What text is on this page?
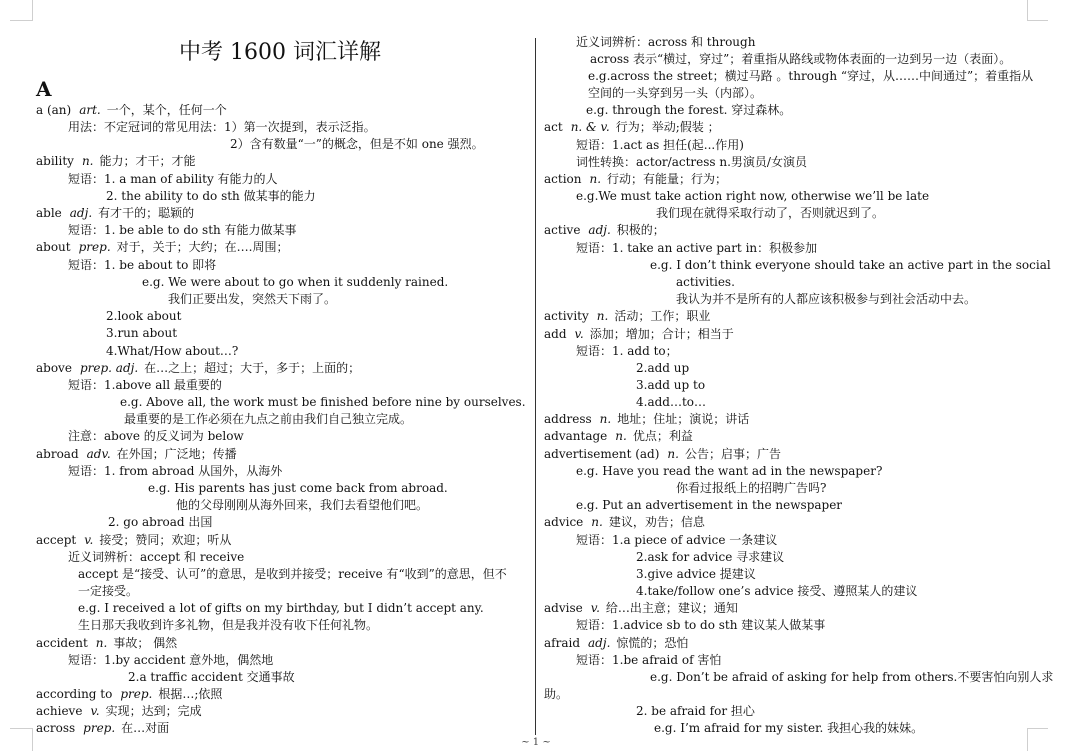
中考 1600 词汇详解
A
a (an) art. 一个，某个，任何一个
用法：不定冠词的常见用法：1）第一次提到，表示泛指。
2）含有数量“一”的概念，但是不如 one 强烈。
ability n. 能力；才干；才能
短语：1. a man of ability 有能力的人
2. the ability to do sth 做某事的能力
able adj. 有才干的；聪颖的
短语：1. be able to do sth 有能力做某事
about prep. 对于，关于；大约；在….周围；
短语：1. be about to 即将
e.g. We were about to go when it suddenly rained.
我们正要出发，突然天下雨了。
2.look about
3.run about
4.What/How about…?
above prep. adj. 在…之上；超过；大于，多于；上面的；
短语：1.above all 最重要的
e.g. Above all, the work must be finished before nine by ourselves.
最重要的是工作必须在九点之前由我们自己独立完成。
注意：above 的反义词为 below
abroad adv. 在外国；广泛地；传播
短语：1. from abroad 从国外，从海外
e.g. His parents has just come back from abroad.
他的父母刚刚从海外回来，我们去看望他们吧。
2. go abroad 出国
accept v. 接受；赞同；欢迎；听从
近义词辨析：accept 和 receive
accept 是“接受、认可”的意思，是收到并接受；receive 有“收到”的意思，但不
一定接受。
e.g. I received a lot of gifts on my birthday, but I didn’t accept any.
生日那天我收到许多礼物，但是我并没有收下任何礼物。
accident n. 事故； 偶然
短语：1.by accident 意外地，偶然地
2.a traffic accident 交通事故
according to prep. 根据…;依照
achieve v. 实现；达到；完成
across prep. 在…对面
近义词辨析：across 和 through
across 表示“横过，穿过”；着重指从路线或物体表面的一边到另一边（表面）。
e.g.across the street；横过马路 。through “穿过，从……中间通过”；着重指从
空间的一头穿到另一头（内部）。
e.g. through the forest. 穿过森林。
act n. & v. 行为；举动;假装 ；
短语：1.act as 担任(起...作用)
词性转换：actor/actress n.男演员/女演员
action n. 行动；有能量；行为；
e.g.We must take action right now, otherwise we’ll be late
我们现在就得采取行动了，否则就迟到了。
active adj. 积极的；
短语：1. take an active part in：积极参加
e.g. I don’t think everyone should take an active part in the social
activities.
我认为并不是所有的人都应该积极参与到社会活动中去。
activity n. 活动；工作；职业
add v. 添加；增加；合计；相当于
短语：1. add to；
2.add up
3.add up to
4.add…to…
address n. 地址；住址；演说；讲话
advantage n. 优点；利益
advertisement (ad) n. 公告；启事；广告
e.g. Have you read the want ad in the newspaper?
你看过报纸上的招聘广告吗?
e.g. Put an advertisement in the newspaper
advice n. 建议，劝告；信息
短语：1.a piece of advice 一条建议
2.ask for advice 寻求建议
3.give advice 提建议
4.take/follow one’s advice 接受、遵照某人的建议
advise v. 给…出主意；建议；通知
短语：1.advice sb to do sth 建议某人做某事
afraid adj. 惊慌的；恐怕
短语：1.be afraid of 害怕
e.g. Don’t be afraid of asking for help from others.不要害怕向别人求
助。
2. be afraid for 担心
e.g. I’m afraid for my sister. 我担心我的妹妹。
~ 1 ~
